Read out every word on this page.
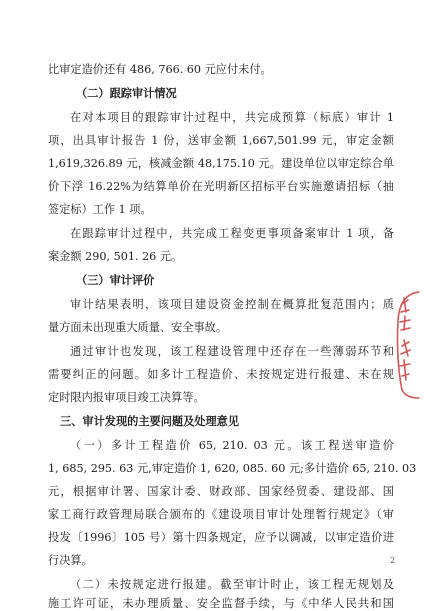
比审定造价还有 486, 766. 60 元应付未付。
（二）跟踪审计情况
在对本项目的跟踪审计过程中，共完成预算（标底）审计 1
项，出具审计报告 1 份，送审金额 1,667,501.99 元，审定金额
1,619,326.89 元，核减金额 48,175.10 元。建设单位以审定综合单
价下浮 16.22%为结算单价在光明新区招标平台实施邀请招标（抽
签定标）工作 1 项。
在跟踪审计过程中，共完成工程变更事项备案审计 1 项，备
案金额 290, 501. 26 元。
（三）审计评价
审计结果表明，该项目建设资金控制在概算批复范围内；质
量方面未出现重大质量、安全事故。
通过审计也发现，该工程建设管理中还存在一些薄弱环节和
需要纠正的问题。如多计工程造价、未按规定进行报建、未在规
定时限内报审项目竣工决算等。
三、审计发现的主要问题及处理意见
（一）多计工程造价 65, 210. 03 元。该工程送审造价
1, 685, 295. 63 元,审定造价 1, 620, 085. 60 元;多计造价 65, 210. 03
元，根据审计署、国家计委、财政部、国家经贸委、建设部、国
家工商行政管理局联合颁布的《建设项目审计处理暂行规定》（审
投发〔1996〕105 号）第十四条规定，应予以调减，以审定造价进
行决算。
（二）未按规定进行报建。截至审计时止，该工程无规划及
施工许可证，未办理质量、安全监督手续，与《中华人民共和国
2
